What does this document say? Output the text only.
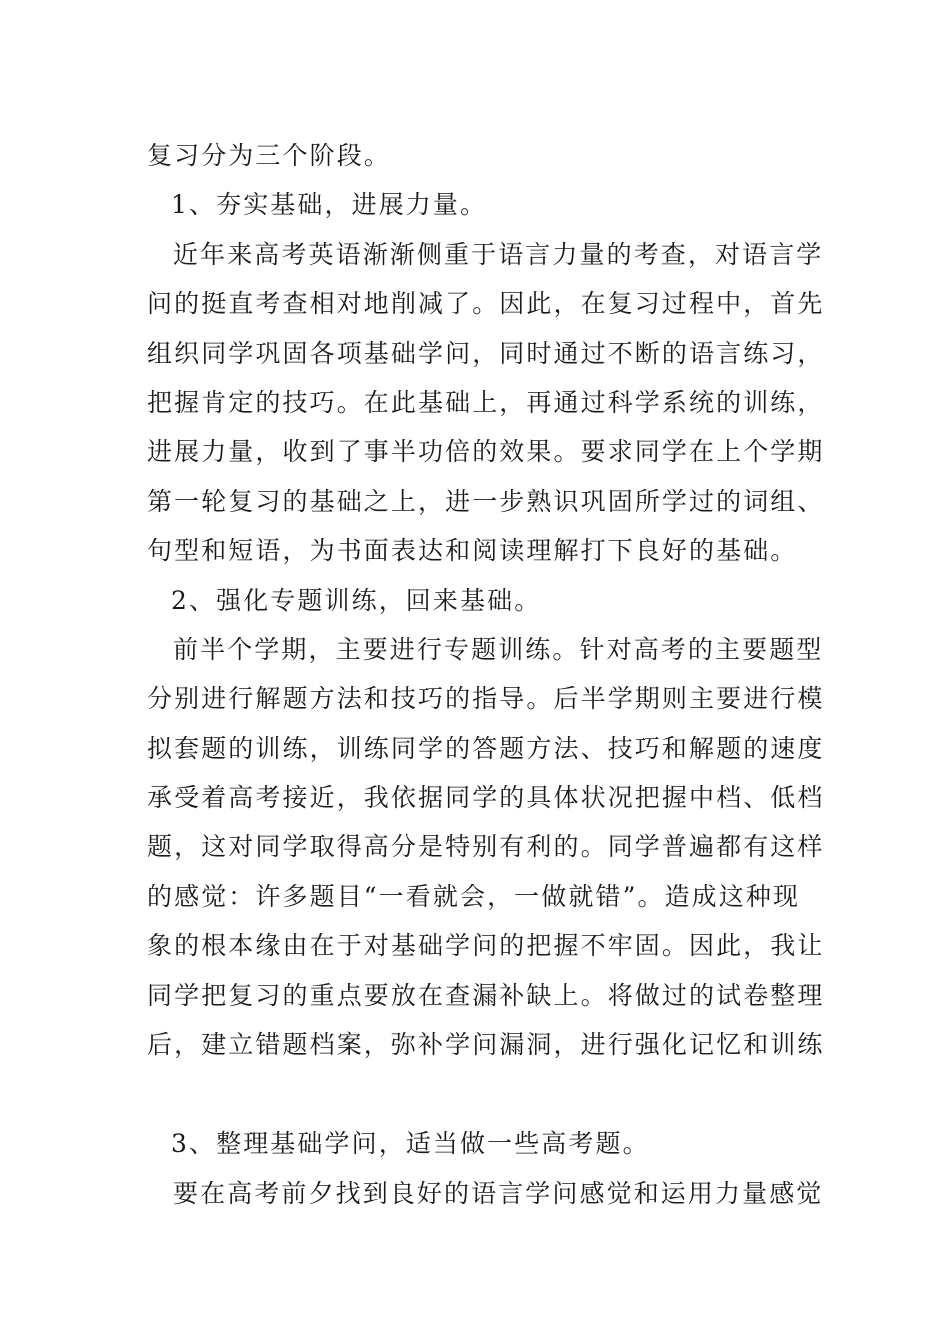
复习分为三个阶段。
1、夯实基础，进展力量。
近年来高考英语渐渐侧重于语言力量的考查，对语言学
问的挺直考查相对地削减了。因此，在复习过程中，首先
组织同学巩固各项基础学问，同时通过不断的语言练习，
把握肯定的技巧。在此基础上，再通过科学系统的训练，
进展力量，收到了事半功倍的效果。要求同学在上个学期
第一轮复习的基础之上，进一步熟识巩固所学过的词组、
句型和短语，为书面表达和阅读理解打下良好的基础。
2、强化专题训练，回来基础。
前半个学期，主要进行专题训练。针对高考的主要题型
分别进行解题方法和技巧的指导。后半学期则主要进行模
拟套题的训练，训练同学的答题方法、技巧和解题的速度
承受着高考接近，我依据同学的具体状况把握中档、低档
题，这对同学取得高分是特别有利的。同学普遍都有这样
的感觉：许多题目“一看就会，一做就错”。造成这种现
象的根本缘由在于对基础学问的把握不牢固。因此，我让
同学把复习的重点要放在查漏补缺上。将做过的试卷整理
后，建立错题档案，弥补学问漏洞，进行强化记忆和训练
3、整理基础学问，适当做一些高考题。
要在高考前夕找到良好的语言学问感觉和运用力量感觉
